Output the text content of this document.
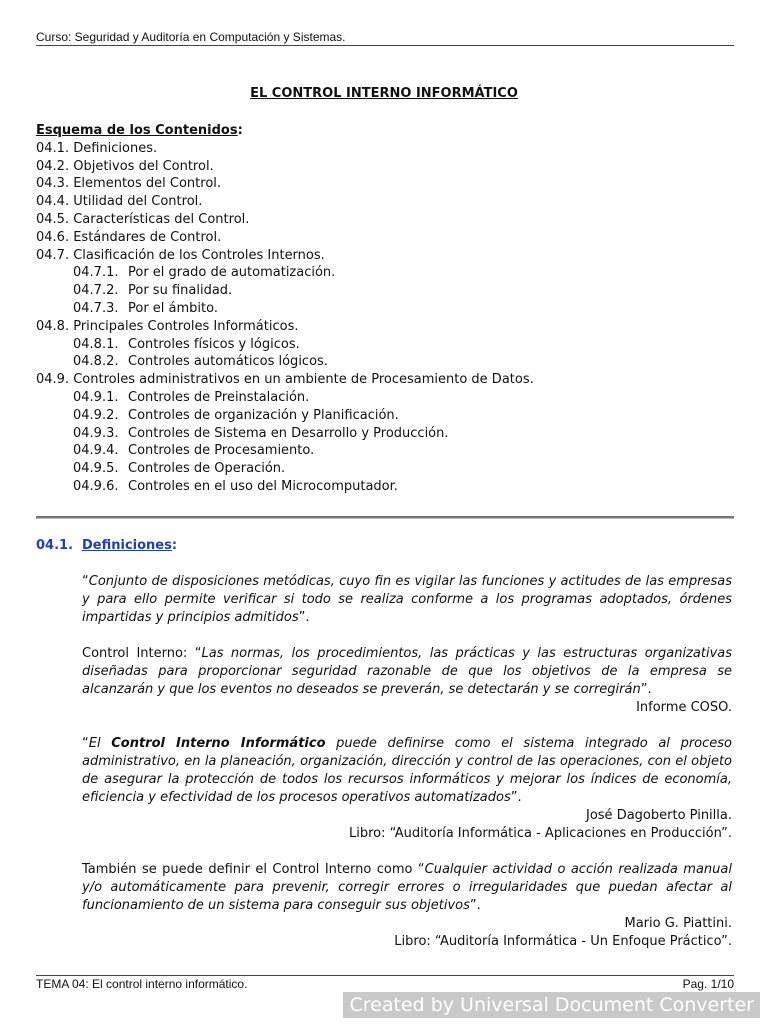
Curso: Seguridad y Auditoría en Computación y Sistemas.
EL CONTROL INTERNO INFORMÁTICO
Esquema de los Contenidos:
04.1. Definiciones.
04.2. Objetivos del Control.
04.3. Elementos del Control.
04.4. Utilidad del Control.
04.5. Características del Control.
04.6. Estándares de Control.
04.7. Clasificación de los Controles Internos.
04.7.1. Por el grado de automatización.
04.7.2. Por su finalidad.
04.7.3. Por el ámbito.
04.8. Principales Controles Informáticos.
04.8.1. Controles físicos y lógicos.
04.8.2. Controles automáticos lógicos.
04.9. Controles administrativos en un ambiente de Procesamiento de Datos.
04.9.1. Controles de Preinstalación.
04.9.2. Controles de organización y Planificación.
04.9.3. Controles de Sistema en Desarrollo y Producción.
04.9.4. Controles de Procesamiento.
04.9.5. Controles de Operación.
04.9.6. Controles en el uso del Microcomputador.
04.1. Definiciones:

“Conjunto de disposiciones metódicas, cuyo fin es vigilar las funciones y actitudes de las empresas y para ello permite verificar si todo se realiza conforme a los programas adoptados, órdenes impartidas y principios admitidos”.

Control Interno: “Las normas, los procedimientos, las prácticas y las estructuras organizativas diseñadas para proporcionar seguridad razonable de que los objetivos de la empresa se alcanzarán y que los eventos no deseados se preverán, se detectarán y se corregirán”.

Informe COSO.

“El Control Interno Informático puede definirse como el sistema integrado al proceso administrativo, en la planeación, organización, dirección y control de las operaciones, con el objeto de asegurar la protección de todos los recursos informáticos y mejorar los índices de economía, eficiencia y efectividad de los procesos operativos automatizados”.

José Dagoberto Pinilla.
Libro: “Auditoría Informática - Aplicaciones en Producción”.

También se puede definir el Control Interno como “Cualquier actividad o acción realizada manual y/o automáticamente para prevenir, corregir errores o irregularidades que puedan afectar al funcionamiento de un sistema para conseguir sus objetivos”.

Mario G. Piattini.
Libro: “Auditoría Informática - Un Enfoque Práctico”.
TEMA 04: El control interno informático.	Pag. 1/10
Created by Universal Document Converter
